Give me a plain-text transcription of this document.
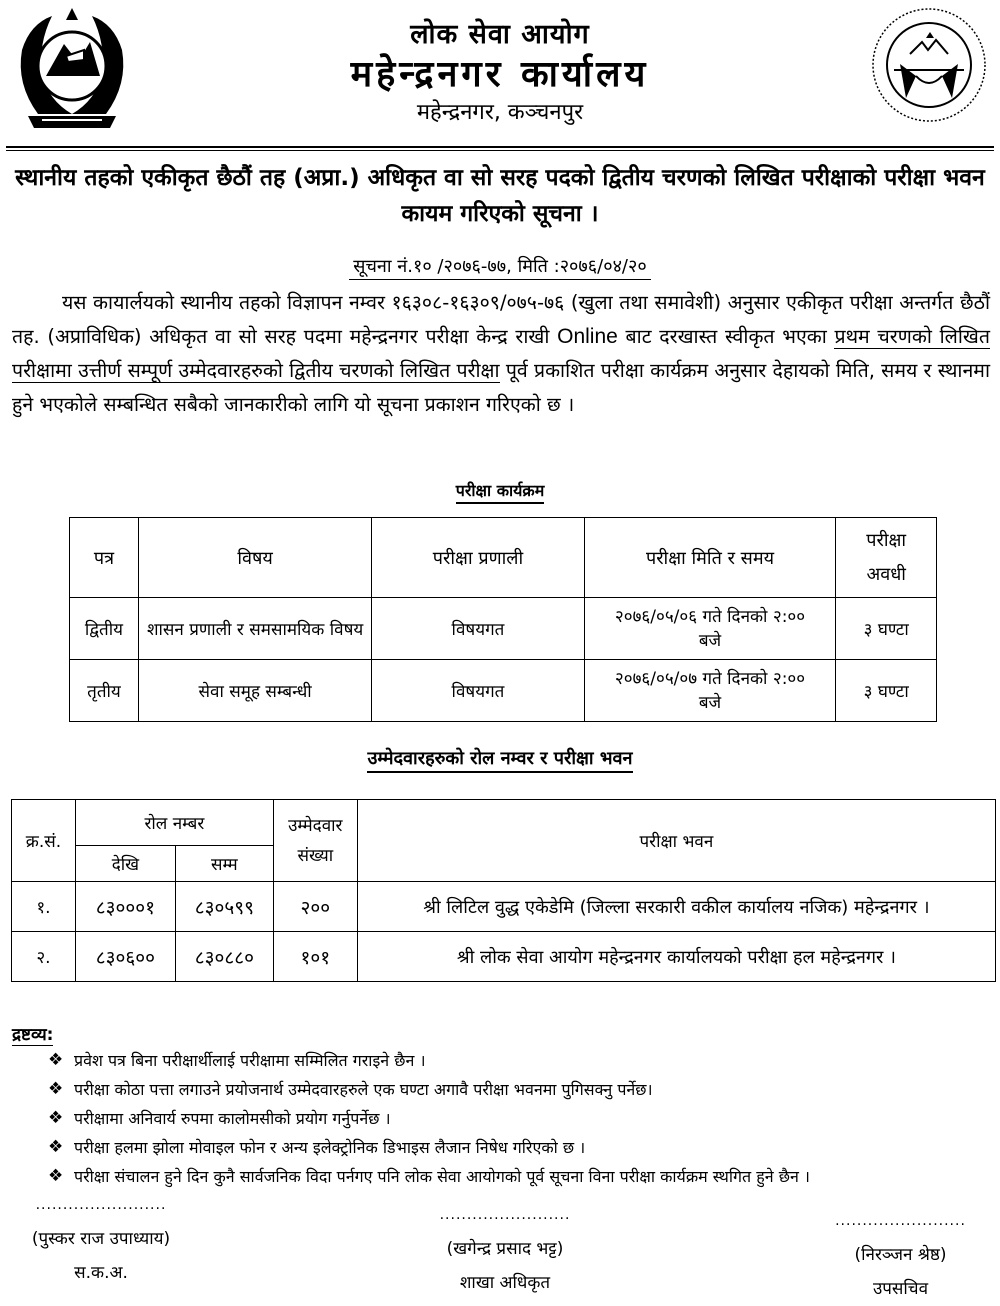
लोक सेवा आयोग
महेन्द्रनगर कार्यालय
महेन्द्रनगर, कञ्चनपुर
स्थानीय तहको एकीकृत छैठौं तह (अप्रा.) अधिकृत वा सो सरह पदको द्वितीय चरणको लिखित परीक्षाको परीक्षा भवन कायम गरिएको सूचना ।
सूचना नं.१० /२०७६-७७, मिति :२०७६/०४/२०
यस कायार्लयको स्थानीय तहको विज्ञापन नम्वर १६३०८-१६३०९/०७५-७६ (खुला तथा समावेशी) अनुसार एकीकृत परीक्षा अन्तर्गत छैठौं तह. (अप्राविधिक) अधिकृत वा सो सरह पदमा महेन्द्रनगर परीक्षा केन्द्र राखी Online बाट दरखास्त स्वीकृत भएका प्रथम चरणको लिखित परीक्षामा उत्तीर्ण सम्पूर्ण उम्मेदवारहरुको द्वितीय चरणको लिखित परीक्षा पूर्व प्रकाशित परीक्षा कार्यक्रम अनुसार देहायको मिति, समय र स्थानमा हुने भएकोले सम्बन्धित सबैको जानकारीको लागि यो सूचना प्रकाशन गरिएको छ ।
परीक्षा कार्यक्रम
पत्र	विषय	परीक्षा प्रणाली	परीक्षा मिति र समय	परीक्षा अवधी
द्वितीय	शासन प्रणाली र समसामयिक विषय	विषयगत	२०७६/०५/०६ गते दिनको २:०० बजे	३ घण्टा
तृतीय	सेवा समूह सम्बन्धी	विषयगत	२०७६/०५/०७ गते दिनको २:०० बजे	३ घण्टा
उम्मेदवारहरुको रोल नम्वर र परीक्षा भवन
क्र.सं.	रोल नम्बर		उम्मेदवार संख्या	परीक्षा भवन
	देखि	सम्म		
१.	८३०००१	८३०५९९	२००	श्री लिटिल वुद्ध एकेडेमि (जिल्ला सरकारी वकील कार्यालय नजिक) महेन्द्रनगर ।
२.	८३०६००	८३०८८०	१०१	श्री लोक सेवा आयोग महेन्द्रनगर कार्यालयको परीक्षा हल महेन्द्रनगर ।
द्रष्टव्य:
❖ प्रवेश पत्र बिना परीक्षार्थीलाई परीक्षामा सम्मिलित गराइने छैन ।
❖ परीक्षा कोठा पत्ता लगाउने प्रयोजनार्थ उम्मेदवारहरुले एक घण्टा अगावै परीक्षा भवनमा पुगिसक्नु पर्नेछ।
❖ परीक्षामा अनिवार्य रुपमा कालोमसीको प्रयोग गर्नुपर्नेछ ।
❖ परीक्षा हलमा झोला मोवाइल फोन र अन्य इलेक्ट्रोनिक डिभाइस लैजान निषेध गरिएको छ ।
❖ परीक्षा संचालन हुने दिन कुनै सार्वजनिक विदा पर्नगए पनि लोक सेवा आयोगको पूर्व सूचना विना परीक्षा कार्यक्रम स्थगित हुने छैन ।
........................
(पुस्कर राज उपाध्याय)
स.क.अ.
........................
(खगेन्द्र प्रसाद भट्ट)
शाखा अधिकृत
........................
(निरञ्जन श्रेष्ठ)
उपसचिव
